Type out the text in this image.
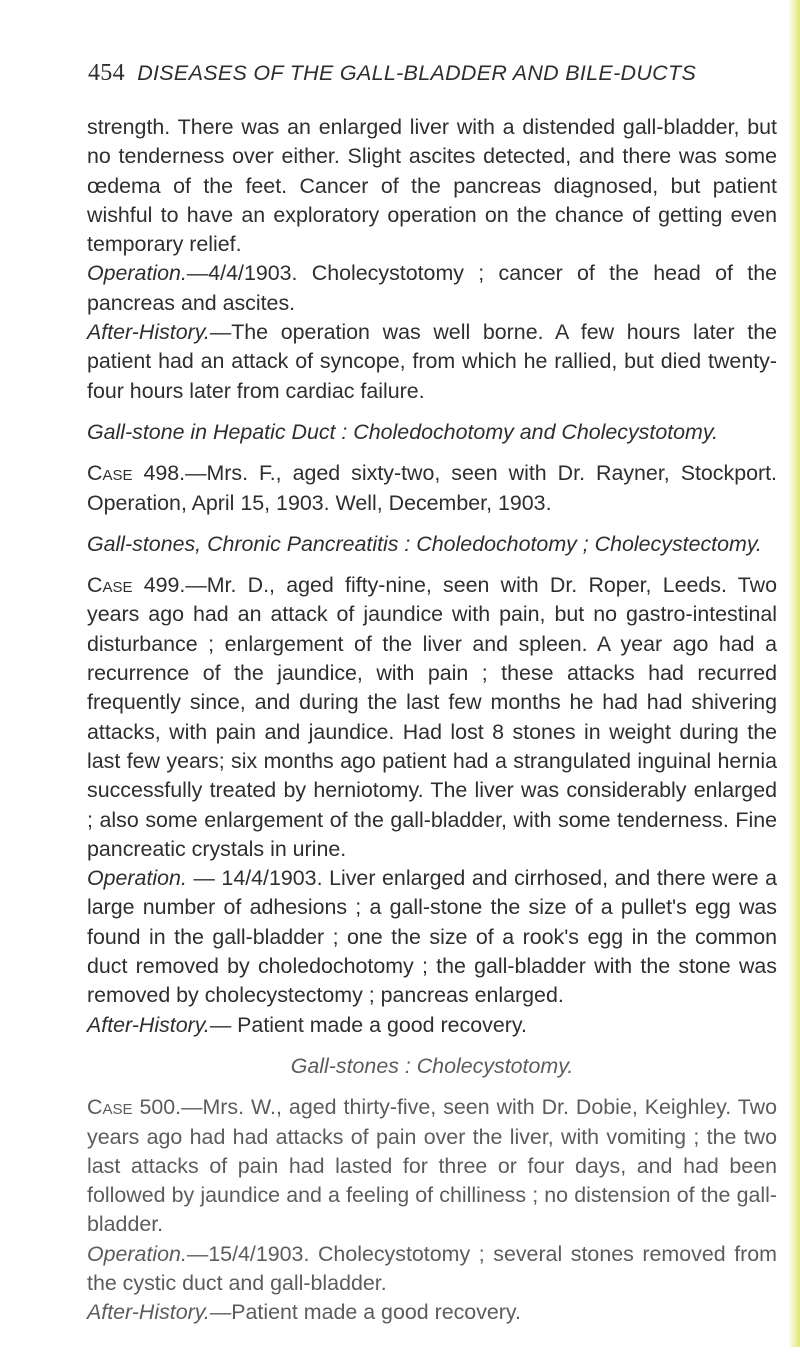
454 DISEASES OF THE GALL-BLADDER AND BILE-DUCTS

strength. There was an enlarged liver with a distended gall-bladder, but no tenderness over either. Slight ascites detected, and there was some œdema of the feet. Cancer of the pancreas diagnosed, but patient wishful to have an exploratory operation on the chance of getting even temporary relief.

Operation.—4/4/1903. Cholecystotomy ; cancer of the head of the pancreas and ascites.

After-History.—The operation was well borne. A few hours later the patient had an attack of syncope, from which he rallied, but died twenty-four hours later from cardiac failure.

Gall-stone in Hepatic Duct : Choledochotomy and Cholecystotomy.

Case 498.—Mrs. F., aged sixty-two, seen with Dr. Rayner, Stockport. Operation, April 15, 1903. Well, December, 1903.

Gall-stones, Chronic Pancreatitis : Choledochotomy ; Cholecystectomy.

Case 499.—Mr. D., aged fifty-nine, seen with Dr. Roper, Leeds. Two years ago had an attack of jaundice with pain, but no gastro-intestinal disturbance ; enlargement of the liver and spleen. A year ago had a recurrence of the jaundice, with pain ; these attacks had recurred frequently since, and during the last few months he had had shivering attacks, with pain and jaundice. Had lost 8 stones in weight during the last few years; six months ago patient had a strangulated inguinal hernia successfully treated by herniotomy. The liver was considerably enlarged ; also some enlargement of the gall-bladder, with some tenderness. Fine pancreatic crystals in urine.

Operation. — 14/4/1903. Liver enlarged and cirrhosed, and there were a large number of adhesions ; a gall-stone the size of a pullet's egg was found in the gall-bladder ; one the size of a rook's egg in the common duct removed by choledochotomy ; the gall-bladder with the stone was removed by cholecystectomy ; pancreas enlarged.

After-History.— Patient made a good recovery.

Gall-stones : Cholecystotomy.

Case 500.—Mrs. W., aged thirty-five, seen with Dr. Dobie, Keighley. Two years ago had had attacks of pain over the liver, with vomiting ; the two last attacks of pain had lasted for three or four days, and had been followed by jaundice and a feeling of chilliness ; no distension of the gall-bladder.

Operation.—15/4/1903. Cholecystotomy ; several stones removed from the cystic duct and gall-bladder.

After-History.—Patient made a good recovery.
